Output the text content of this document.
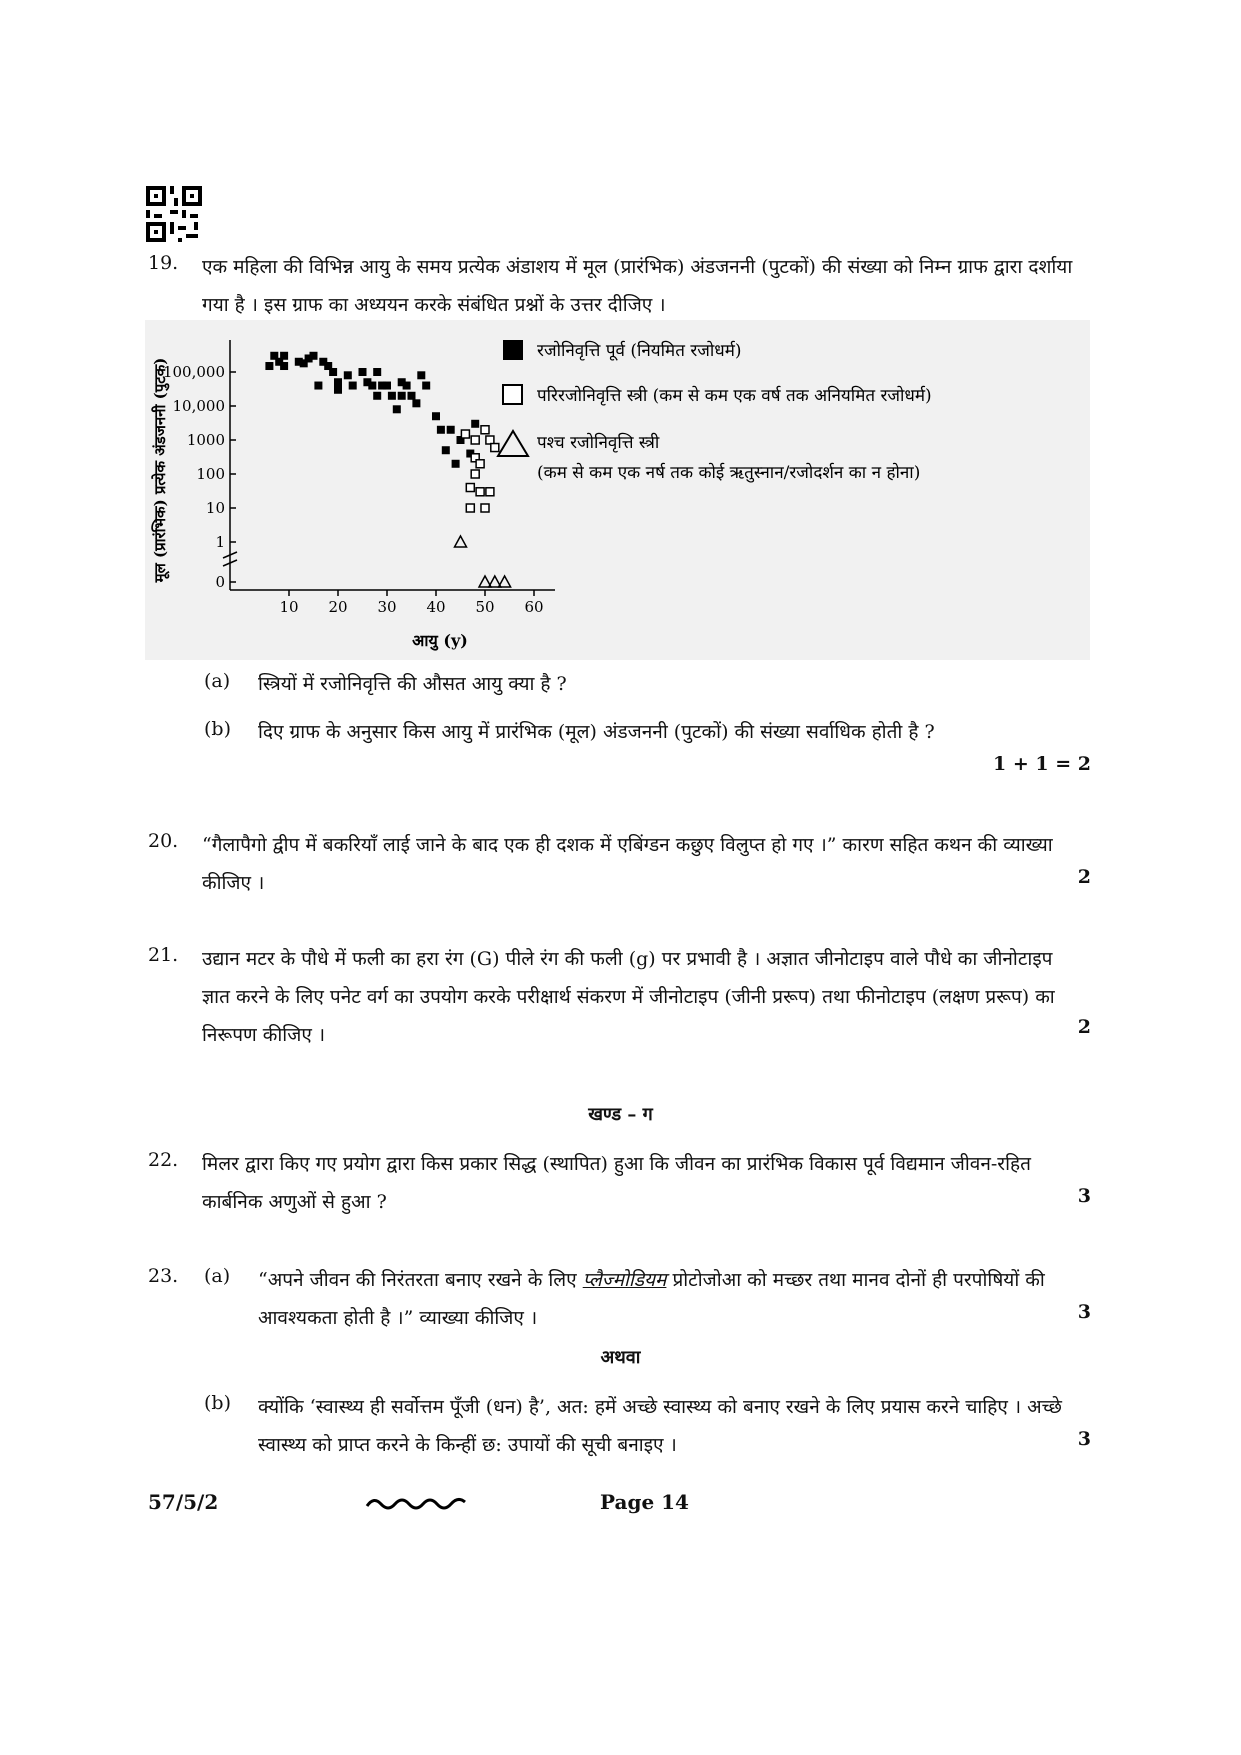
19. एक महिला की विभिन्न आयु के समय प्रत्येक अंडाशय में मूल (प्रारंभिक) अंडजननी (पुटकों) की संख्या को निम्न ग्राफ द्वारा दर्शाया गया है । इस ग्राफ का अध्ययन करके संबंधित प्रश्नों के उत्तर दीजिए ।
मूल (प्रारंभिक) प्रत्येक अंडजननी (पुटक)
100,000
10,000
1000
100
10
1
0
10 20 30 40 50 60
आयु (y)
रजोनिवृत्ति पूर्व (नियमित रजोधर्म)
परिरजोनिवृत्ति स्त्री (कम से कम एक वर्ष तक अनियमित रजोधर्म)
पश्च रजोनिवृत्ति स्त्री
(कम से कम एक नर्ष तक कोई ऋतुस्नान/रजोदर्शन का न होना)
(a) स्त्रियों में रजोनिवृत्ति की औसत आयु क्या है ?
(b) दिए ग्राफ के अनुसार किस आयु में प्रारंभिक (मूल) अंडजननी (पुटकों) की संख्या सर्वाधिक होती है ?
1 + 1 = 2
20. “गैलापैगो द्वीप में बकरियाँ लाई जाने के बाद एक ही दशक में एबिंग्डन कछुए विलुप्त हो गए ।” कारण सहित कथन की व्याख्या कीजिए ।	2
21. उद्यान मटर के पौधे में फली का हरा रंग (G) पीले रंग की फली (g) पर प्रभावी है । अज्ञात जीनोटाइप वाले पौधे का जीनोटाइप ज्ञात करने के लिए पनेट वर्ग का उपयोग करके परीक्षार्थ संकरण में जीनोटाइप (जीनी प्ररूप) तथा फीनोटाइप (लक्षण प्ररूप) का निरूपण कीजिए ।	2
खण्ड – ग
22. मिलर द्वारा किए गए प्रयोग द्वारा किस प्रकार सिद्ध (स्थापित) हुआ कि जीवन का प्रारंभिक विकास पूर्व विद्यमान जीवन-रहित कार्बनिक अणुओं से हुआ ?	3
23. (a) “अपने जीवन की निरंतरता बनाए रखने के लिए प्लैज्मोडियम प्रोटोजोआ को मच्छर तथा मानव दोनों ही परपोषियों की आवश्यकता होती है ।” व्याख्या कीजिए ।	3
अथवा
(b) क्योंकि ‘स्वास्थ्य ही सर्वोत्तम पूँजी (धन) है’, अत: हमें अच्छे स्वास्थ्य को बनाए रखने के लिए प्रयास करने चाहिए । अच्छे स्वास्थ्य को प्राप्त करने के किन्हीं छ: उपायों की सूची बनाइए ।	3
57/5/2	Page 14
